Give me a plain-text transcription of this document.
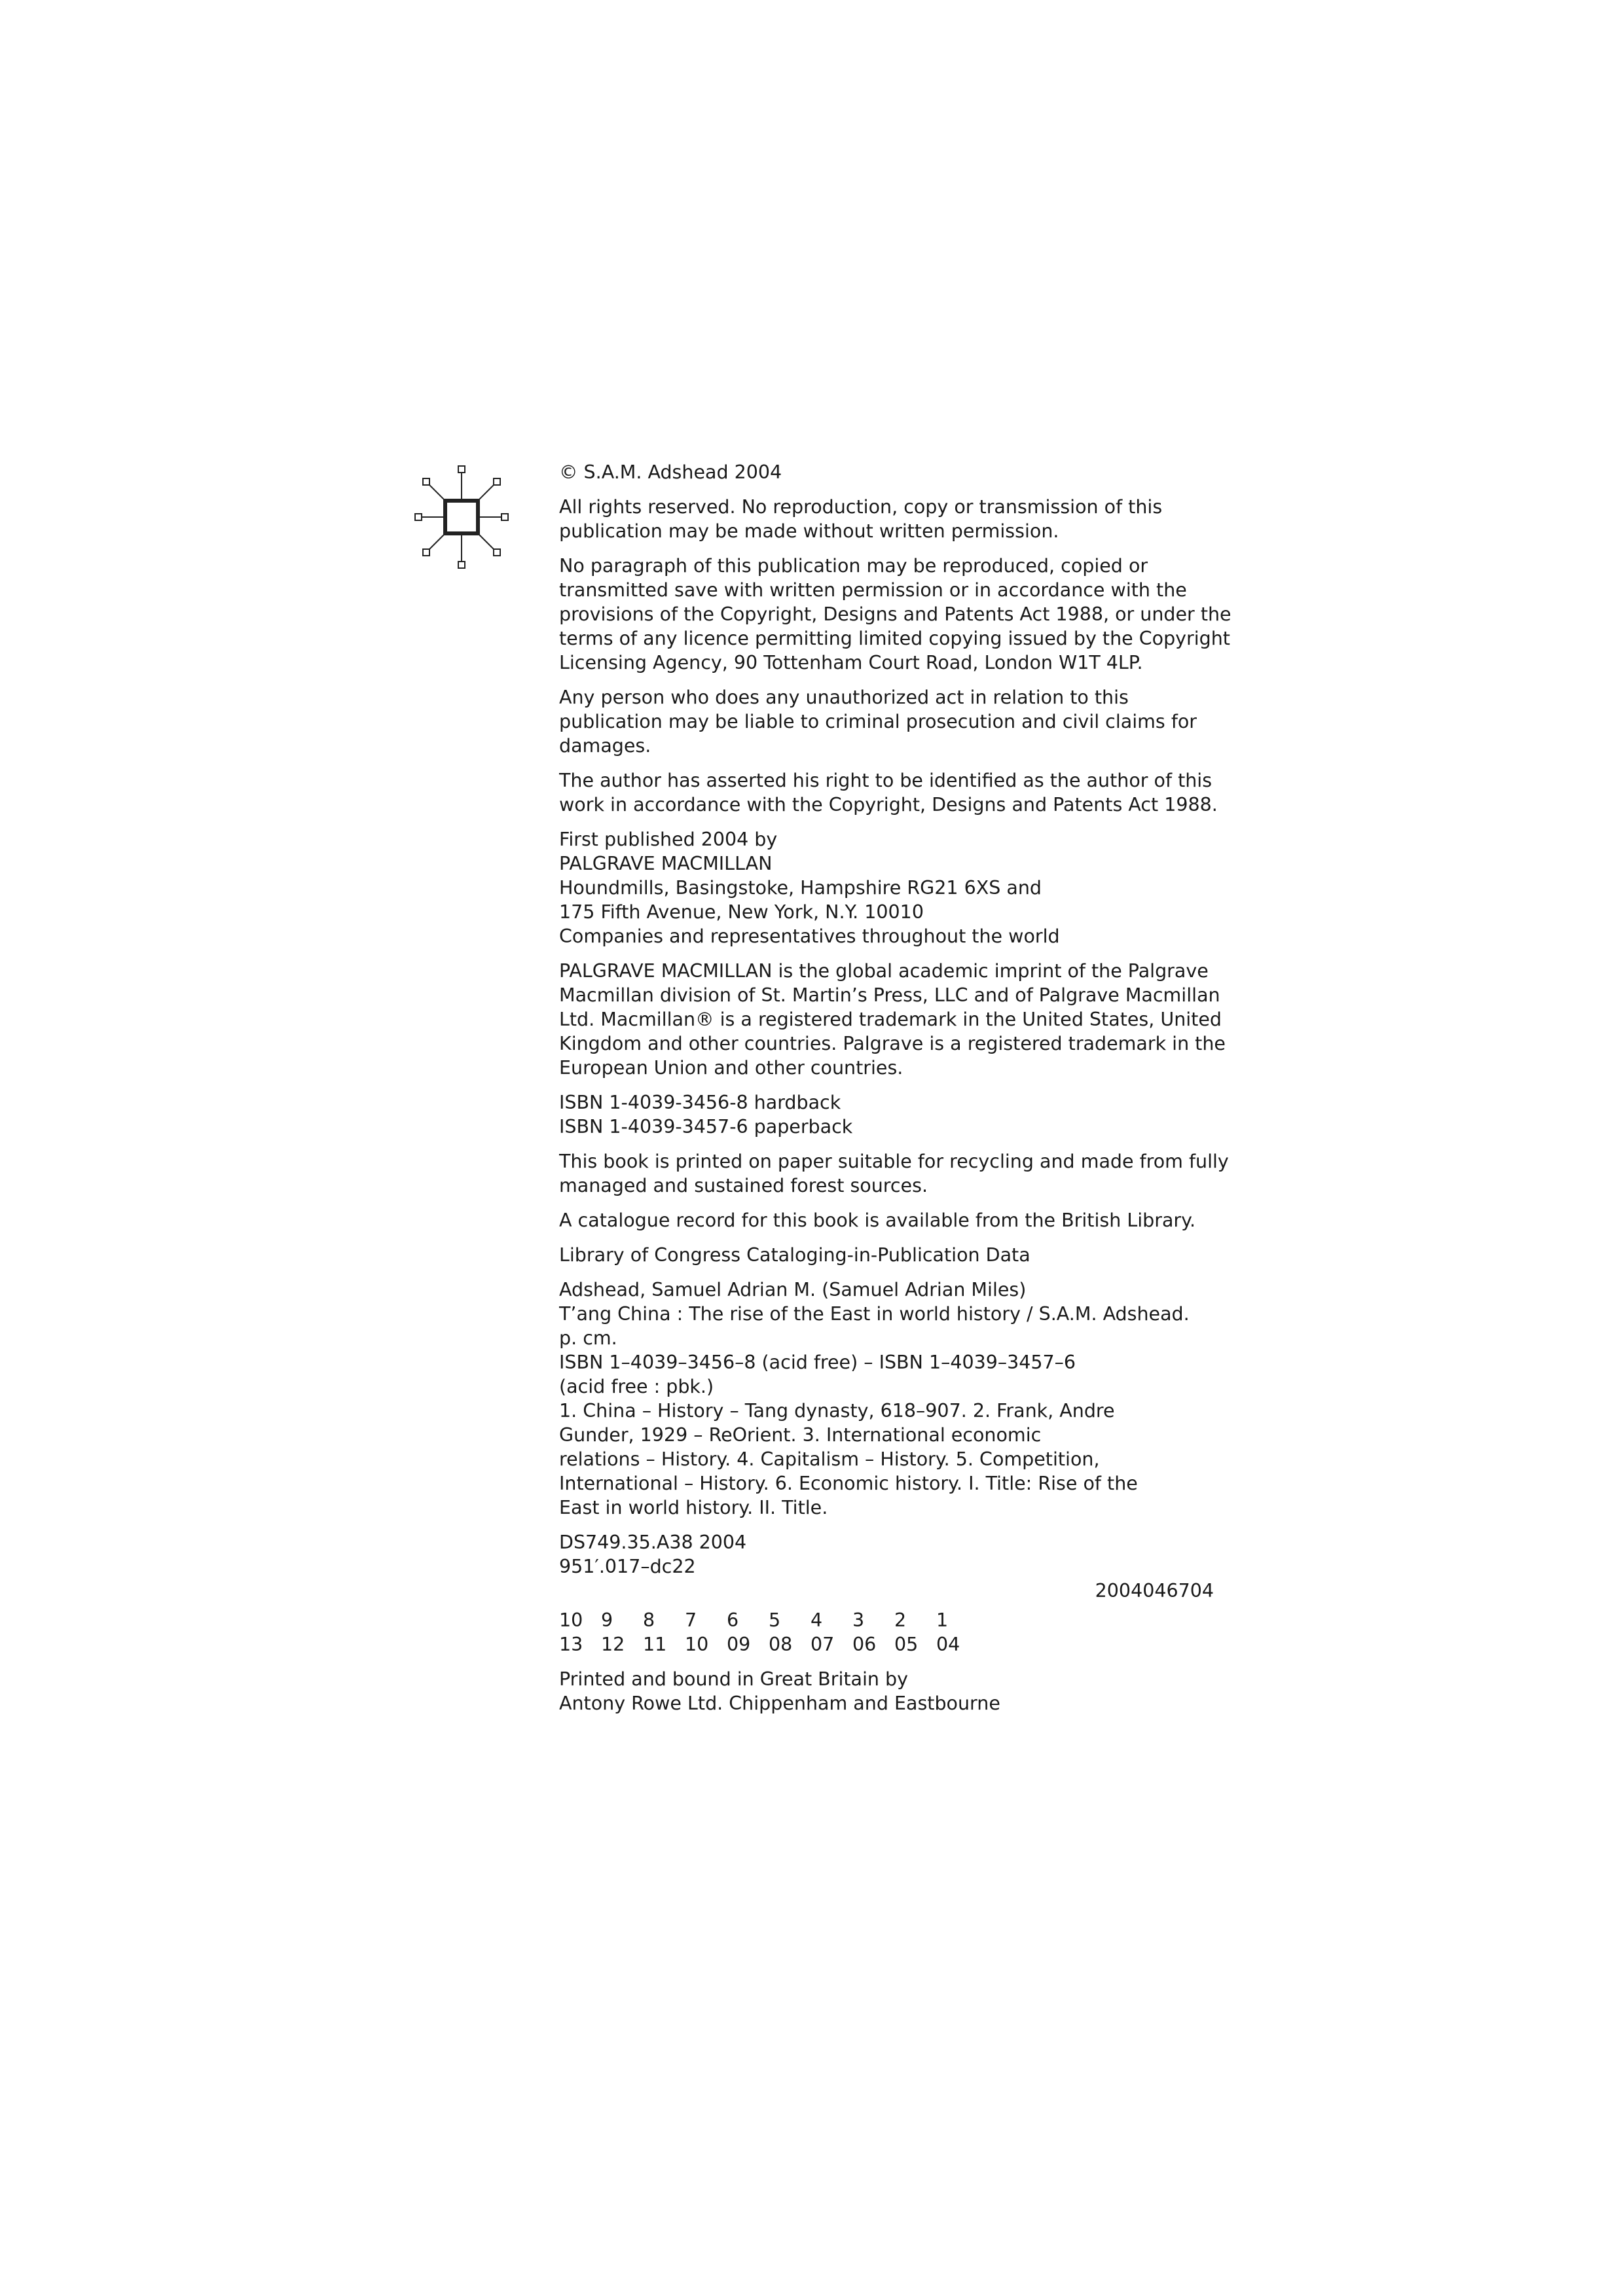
© S.A.M. Adshead 2004

All rights reserved. No reproduction, copy or transmission of this
publication may be made without written permission.

No paragraph of this publication may be reproduced, copied or
transmitted save with written permission or in accordance with the
provisions of the Copyright, Designs and Patents Act 1988, or under the
terms of any licence permitting limited copying issued by the Copyright
Licensing Agency, 90 Tottenham Court Road, London W1T 4LP.

Any person who does any unauthorized act in relation to this
publication may be liable to criminal prosecution and civil claims for
damages.

The author has asserted his right to be identified as the author of this
work in accordance with the Copyright, Designs and Patents Act 1988.

First published 2004 by
PALGRAVE MACMILLAN
Houndmills, Basingstoke, Hampshire RG21 6XS and
175 Fifth Avenue, New York, N.Y. 10010
Companies and representatives throughout the world

PALGRAVE MACMILLAN is the global academic imprint of the Palgrave
Macmillan division of St. Martin’s Press, LLC and of Palgrave Macmillan
Ltd. Macmillan® is a registered trademark in the United States, United
Kingdom and other countries. Palgrave is a registered trademark in the
European Union and other countries.

ISBN 1-4039-3456-8 hardback
ISBN 1-4039-3457-6 paperback

This book is printed on paper suitable for recycling and made from fully
managed and sustained forest sources.

A catalogue record for this book is available from the British Library.

Library of Congress Cataloging-in-Publication Data

Adshead, Samuel Adrian M. (Samuel Adrian Miles)
T’ang China : The rise of the East in world history / S.A.M. Adshead.
p. cm.
ISBN 1–4039–3456–8 (acid free) – ISBN 1–4039–3457–6
(acid free : pbk.)
1. China – History – Tang dynasty, 618–907. 2. Frank, Andre
Gunder, 1929 – ReOrient. 3. International economic
relations – History. 4. Capitalism – History. 5. Competition,
International – History. 6. Economic history. I. Title: Rise of the
East in world history. II. Title.

DS749.35.A38 2004
951′.017–dc22
2004046704

10 9	8	7	6	5	4	3	2	1
13 12 11 10 09 08 07 06 05 04

Printed and bound in Great Britain by
Antony Rowe Ltd. Chippenham and Eastbourne
